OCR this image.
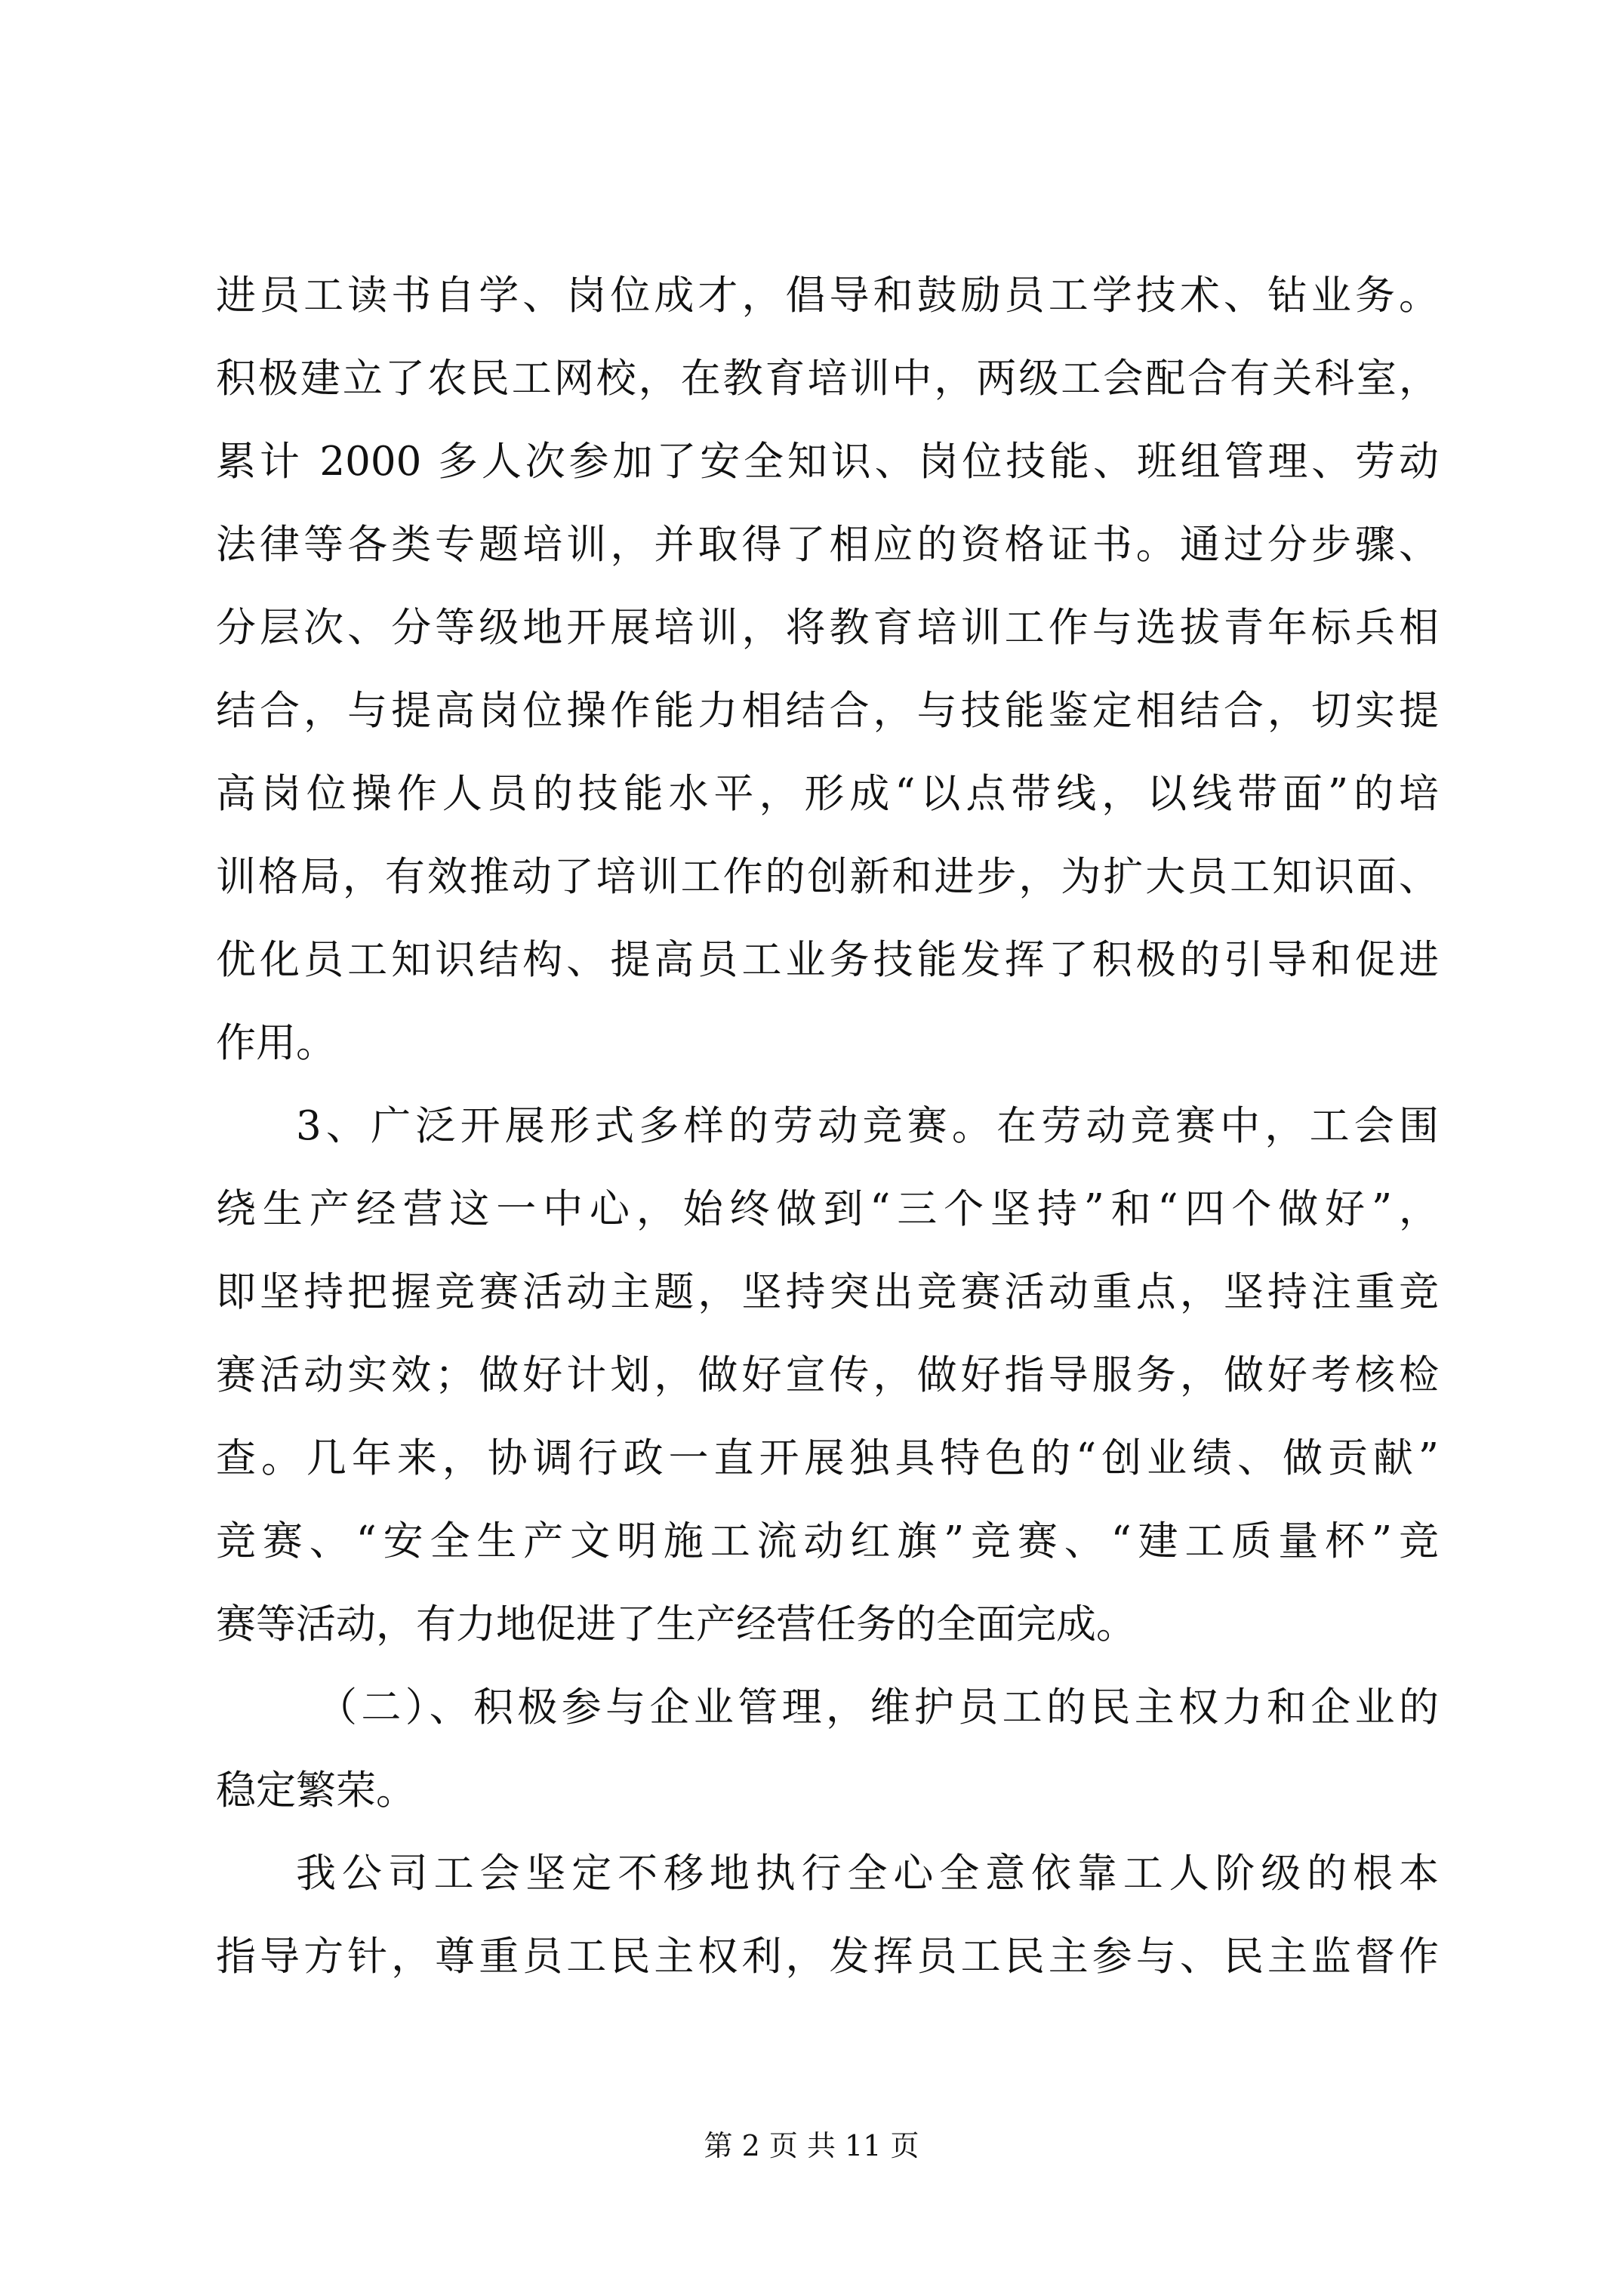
进员工读书自学、岗位成才，倡导和鼓励员工学技术、钻业务。
积极建立了农民工网校，在教育培训中，两级工会配合有关科室，
累计 2000 多人次参加了安全知识、岗位技能、班组管理、劳动
法律等各类专题培训，并取得了相应的资格证书。通过分步骤、
分层次、分等级地开展培训，将教育培训工作与选拔青年标兵相
结合，与提高岗位操作能力相结合，与技能鉴定相结合，切实提
高岗位操作人员的技能水平，形成“以点带线，以线带面”的培
训格局，有效推动了培训工作的创新和进步，为扩大员工知识面、
优化员工知识结构、提高员工业务技能发挥了积极的引导和促进
作用。
3、广泛开展形式多样的劳动竞赛。在劳动竞赛中，工会围
绕生产经营这一中心，始终做到“三个坚持”和“四个做好”，
即坚持把握竞赛活动主题，坚持突出竞赛活动重点，坚持注重竞
赛活动实效；做好计划，做好宣传，做好指导服务，做好考核检
查。几年来，协调行政一直开展独具特色的“创业绩、做贡献”
竞赛、“安全生产文明施工流动红旗”竞赛、“建工质量杯”竞
赛等活动，有力地促进了生产经营任务的全面完成。
（二）、积极参与企业管理，维护员工的民主权力和企业的
稳定繁荣。
我公司工会坚定不移地执行全心全意依靠工人阶级的根本
指导方针，尊重员工民主权利，发挥员工民主参与、民主监督作
第 2 页 共 11 页
